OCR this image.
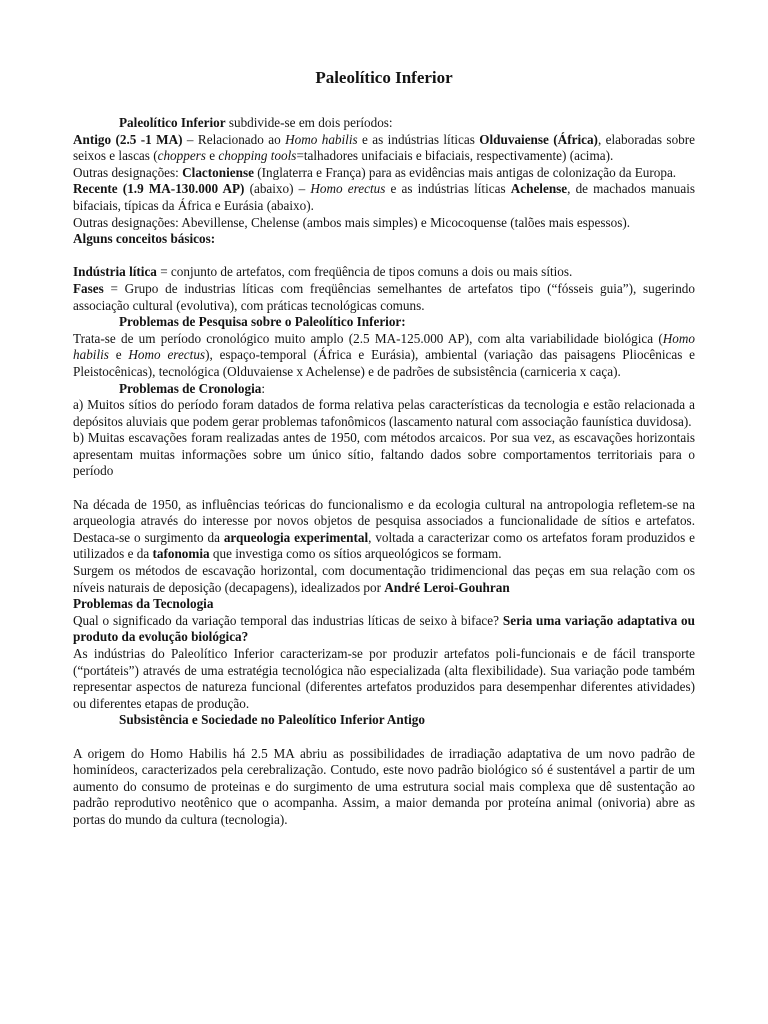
Paleolítico Inferior

Paleolítico Inferior subdivide-se em dois períodos:

Antigo (2.5 -1 MA) – Relacionado ao Homo habilis e as indústrias líticas Olduvaiense (África), elaboradas sobre seixos e lascas (choppers e chopping tools=talhadores unifaciais e bifaciais, respectivamente) (acima).

Outras designações: Clactoniense (Inglaterra e França) para as evidências mais antigas de colonização da Europa.

Recente (1.9 MA-130.000 AP) (abaixo) – Homo erectus e as indústrias líticas Achelense, de machados manuais bifaciais, típicas da África e Eurásia (abaixo).

Outras designações: Abevillense, Chelense (ambos mais simples) e Micocoquense (talões mais espessos).

Alguns conceitos básicos:

Indústria lítica = conjunto de artefatos, com freqüência de tipos comuns a dois ou mais sítios.

Fases = Grupo de industrias líticas com freqüências semelhantes de artefatos tipo (“fósseis guia”), sugerindo associação cultural (evolutiva), com práticas tecnológicas comuns.

Problemas de Pesquisa sobre o Paleolítico Inferior:

Trata-se de um período cronológico muito amplo (2.5 MA-125.000 AP), com alta variabilidade biológica (Homo habilis e Homo erectus), espaço-temporal (África e Eurásia), ambiental (variação das paisagens Pliocênicas e Pleistocênicas), tecnológica (Olduvaiense x Achelense) e de padrões de subsistência (carniceria x caça).

Problemas de Cronologia:

a) Muitos sítios do período foram datados de forma relativa pelas características da tecnologia e estão relacionada a depósitos aluviais que podem gerar problemas tafonômicos (lascamento natural com associação faunística duvidosa).

b) Muitas escavações foram realizadas antes de 1950, com métodos arcaicos. Por sua vez, as escavações horizontais apresentam muitas informações sobre um único sítio, faltando dados sobre comportamentos territoriais para o período

Na década de 1950, as influências teóricas do funcionalismo e da ecologia cultural na antropologia refletem-se na arqueologia através do interesse por novos objetos de pesquisa associados a funcionalidade de sítios e artefatos. Destaca-se o surgimento da arqueologia experimental, voltada a caracterizar como os artefatos foram produzidos e utilizados e da tafonomia que investiga como os sítios arqueológicos se formam.

Surgem os métodos de escavação horizontal, com documentação tridimencional das peças em sua relação com os níveis naturais de deposição (decapagens), idealizados por André Leroi-Gouhran

Problemas da Tecnologia

Qual o significado da variação temporal das industrias líticas de seixo à biface? Seria uma variação adaptativa ou produto da evolução biológica?

As indústrias do Paleolítico Inferior caracterizam-se por produzir artefatos poli-funcionais e de fácil transporte (“portáteis”) através de uma estratégia tecnológica não especializada (alta flexibilidade). Sua variação pode também representar aspectos de natureza funcional (diferentes artefatos produzidos para desempenhar diferentes atividades) ou diferentes etapas de produção.

Subsistência e Sociedade no Paleolítico Inferior Antigo

A origem do Homo Habilis há 2.5 MA abriu as possibilidades de irradiação adaptativa de um novo padrão de hominídeos, caracterizados pela cerebralização. Contudo, este novo padrão biológico só é sustentável a partir de um aumento do consumo de proteinas e do surgimento de uma estrutura social mais complexa que dê sustentação ao padrão reprodutivo neotênico que o acompanha. Assim, a maior demanda por proteína animal (onivoria) abre as portas do mundo da cultura (tecnologia).
